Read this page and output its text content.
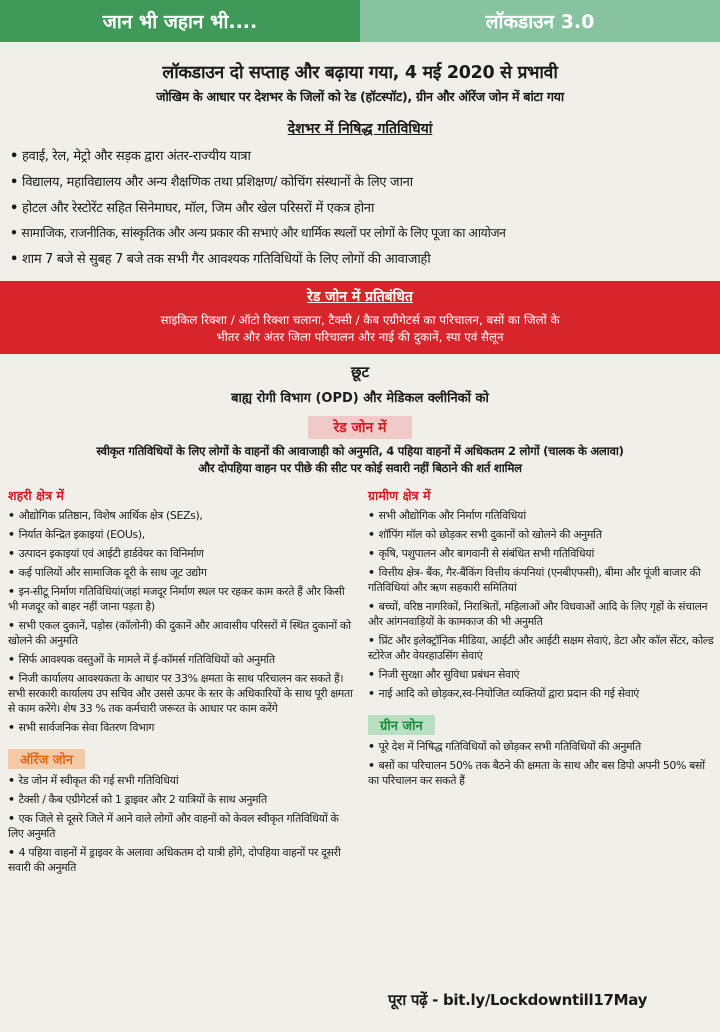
जान भी जहान भी....	लॉकडाउन 3.0
लॉकडाउन दो सप्ताह और बढ़ाया गया, 4 मई 2020 से प्रभावी
जोखिम के आधार पर देशभर के जिलों को रेड (हॉटस्पॉट), ग्रीन और ऑरेंज जोन में बांटा गया
देशभर में निषिद्ध गतिविधियां
• हवाई, रेल, मेट्रो और सड़क द्वारा अंतर-राज्यीय यात्रा
• विद्यालय, महाविद्यालय और अन्य शैक्षणिक तथा प्रशिक्षण/ कोचिंग संस्थानों के लिए जाना
• होटल और रेस्टोरेंट सहित सिनेमाघर, मॉल, जिम और खेल परिसरों में एकत्र होना
• सामाजिक, राजनीतिक, सांस्कृतिक और अन्य प्रकार की सभाएं और धार्मिक स्थलों पर लोगों के लिए पूजा का आयोजन
• शाम 7 बजे से सुबह 7 बजे तक सभी गैर आवश्यक गतिविधियों के लिए लोगों की आवाजाही
रेड जोन में प्रतिबंधित
साइकिल रिक्शा / ऑटो रिक्शा चलाना, टैक्सी / कैब एग्रीगेटर्स का परिचालन, बसों का जिलों के
भीतर और अंतर जिला परिचालन और नाई की दुकानें, स्पा एवं सैलून
छूट
बाह्य रोगी विभाग (OPD) और मेडिकल क्लीनिकों को
रेड जोन में
स्वीकृत गतिविधियों के लिए लोगों के वाहनों की आवाजाही को अनुमति, 4 पहिया वाहनों में अधिकतम 2 लोगों (चालक के अलावा)
और दोपहिया वाहन पर पीछे की सीट पर कोई सवारी नहीं बिठाने की शर्त शामिल
शहरी क्षेत्र में
• औद्योगिक प्रतिष्ठान, विशेष आर्थिक क्षेत्र (SEZs),
• निर्यात केन्द्रित इकाइयां (EOUs),
• उत्पादन इकाइयां एवं आईटी हार्डवेयर का विनिर्माण
• कई पालियों और सामाजिक दूरी के साथ जूट उद्योग
• इन-सीटू निर्माण गतिविधियां(जहां मजदूर निर्माण स्थल पर रहकर काम करते हैं और किसी भी मजदूर को बाहर नहीं जाना पड़ता है)
• सभी एकल दुकानें, पड़ोस (कॉलोनी) की दुकानें और आवासीय परिसरों में स्थित दुकानों को खोलने की अनुमति
• सिर्फ आवश्यक वस्तुओं के मामले में ई-कॉमर्स गतिविधियों को अनुमति
• निजी कार्यालय आवश्यकता के आधार पर 33% क्षमता के साथ परिचालन कर सकते हैं। सभी सरकारी कार्यालय उप सचिव और उससे ऊपर के स्तर के अधिकारियों के साथ पूरी क्षमता से काम करेंगे। शेष 33 % तक कर्मचारी जरूरत के आधार पर काम करेंगे
• सभी सार्वजनिक सेवा वितरण विभाग
ऑरेंज जोन
• रेड जोन में स्वीकृत की गई सभी गतिविधियां
• टैक्सी / कैब एग्रीगेटर्स को 1 ड्राइवर और 2 यात्रियों के साथ अनुमति
• एक जिले से दूसरे जिले में आने वाले लोगों और वाहनों को केवल स्वीकृत गतिविधियों के लिए अनुमति
• 4 पहिया वाहनों में ड्राइवर के अलावा अधिकतम दो यात्री होंगे, दोपहिया वाहनों पर दूसरी सवारी की अनुमति
ग्रामीण क्षेत्र में
• सभी औद्योगिक और निर्माण गतिविधियां
• शॉपिंग मॉल को छोड़कर सभी दुकानों को खोलने की अनुमति
• कृषि, पशुपालन और बागवानी से संबंधित सभी गतिविधियां
• वित्तीय क्षेत्र- बैंक, गैर-बैंकिंग वित्तीय कंपनियां (एनबीएफसी), बीमा और पूंजी बाजार की गतिविधियां और ऋण सहकारी समितियां
• बच्चों, वरिष्ठ नागरिकों, निराश्रितों, महिलाओं और विधवाओं आदि के लिए गृहों के संचालन और आंगनवाड़ियों के कामकाज की भी अनुमति
• प्रिंट और इलेक्ट्रॉनिक मीडिया, आईटी और आईटी सक्षम सेवाएं, डेटा और कॉल सेंटर, कोल्ड स्टोरेज और वेयरहाउसिंग सेवाएं
• निजी सुरक्षा और सुविधा प्रबंधन सेवाएं
• नाई आदि को छोड़कर,स्व-नियोजित व्यक्तियों द्वारा प्रदान की गई सेवाएं
ग्रीन जोन
• पूरे देश में निषिद्ध गतिविधियों को छोड़कर सभी गतिविधियों की अनुमति
• बसों का परिचालन 50% तक बैठने की क्षमता के साथ और बस डिपो अपनी 50% बसों का परिचालन कर सकते हैं
पूरा पढ़ें - bit.ly/Lockdowntill17May
